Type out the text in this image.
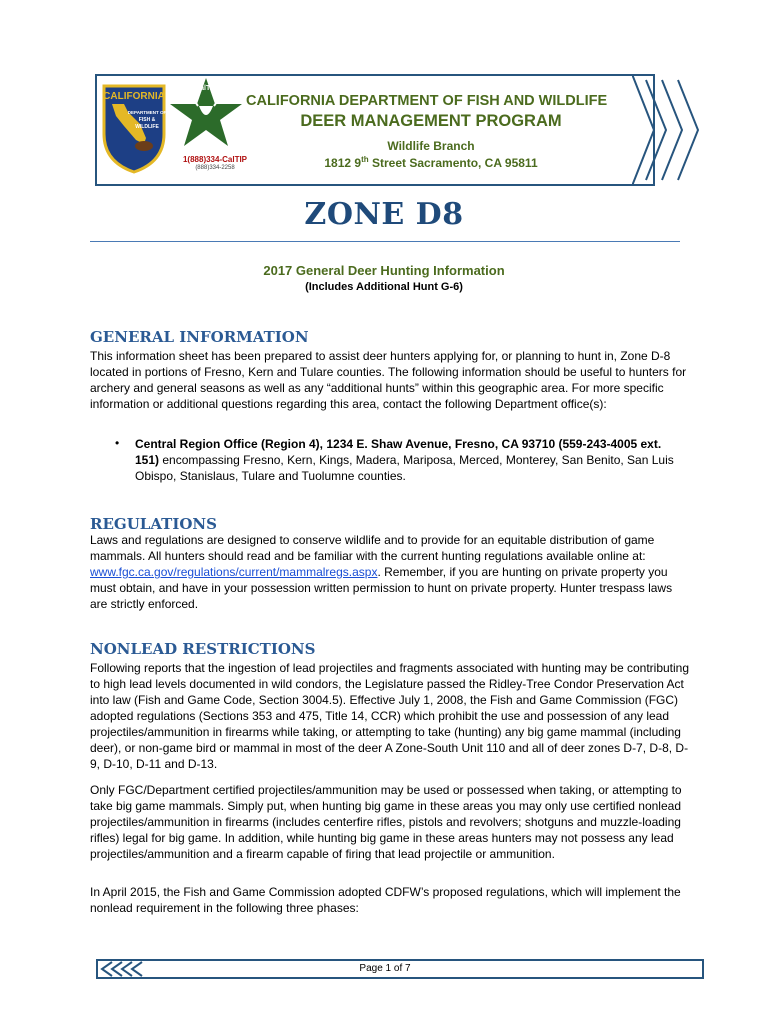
CALIFORNIA
DEPARTMENT OF
FISH &
WILDLIFE
CalTIP
1(888)334-CalTIP
(888)334-2258
CALIFORNIA DEPARTMENT OF FISH AND WILDLIFE
DEER MANAGEMENT PROGRAM
Wildlife Branch
1812 9th Street Sacramento, CA 95811
ZONE D8
2017 General Deer Hunting Information
(Includes Additional Hunt G-6)
GENERAL INFORMATION
This information sheet has been prepared to assist deer hunters applying for, or planning to hunt in, Zone D-8 located in portions of Fresno, Kern and Tulare counties. The following information should be useful to hunters for archery and general seasons as well as any “additional hunts” within this geographic area. For more specific information or additional questions regarding this area, contact the following Department office(s):
• Central Region Office (Region 4), 1234 E. Shaw Avenue, Fresno, CA 93710 (559-243-4005 ext. 151) encompassing Fresno, Kern, Kings, Madera, Mariposa, Merced, Monterey, San Benito, San Luis Obispo, Stanislaus, Tulare and Tuolumne counties.
REGULATIONS
Laws and regulations are designed to conserve wildlife and to provide for an equitable distribution of game mammals. All hunters should read and be familiar with the current hunting regulations available online at: www.fgc.ca.gov/regulations/current/mammalregs.aspx. Remember, if you are hunting on private property you must obtain, and have in your possession written permission to hunt on private property. Hunter trespass laws are strictly enforced.
NONLEAD RESTRICTIONS
Following reports that the ingestion of lead projectiles and fragments associated with hunting may be contributing to high lead levels documented in wild condors, the Legislature passed the Ridley-Tree Condor Preservation Act into law (Fish and Game Code, Section 3004.5). Effective July 1, 2008, the Fish and Game Commission (FGC) adopted regulations (Sections 353 and 475, Title 14, CCR) which prohibit the use and possession of any lead projectiles/ammunition in firearms while taking, or attempting to take (hunting) any big game mammal (including deer), or non-game bird or mammal in most of the deer A Zone-South Unit 110 and all of deer zones D-7, D-8, D-9, D-10, D-11 and D-13.
Only FGC/Department certified projectiles/ammunition may be used or possessed when taking, or attempting to take big game mammals. Simply put, when hunting big game in these areas you may only use certified nonlead projectiles/ammunition in firearms (includes centerfire rifles, pistols and revolvers; shotguns and muzzle-loading rifles) legal for big game. In addition, while hunting big game in these areas hunters may not possess any lead projectiles/ammunition and a firearm capable of firing that lead projectile or ammunition.
In April 2015, the Fish and Game Commission adopted CDFW’s proposed regulations, which will implement the nonlead requirement in the following three phases:
Page 1 of 7
